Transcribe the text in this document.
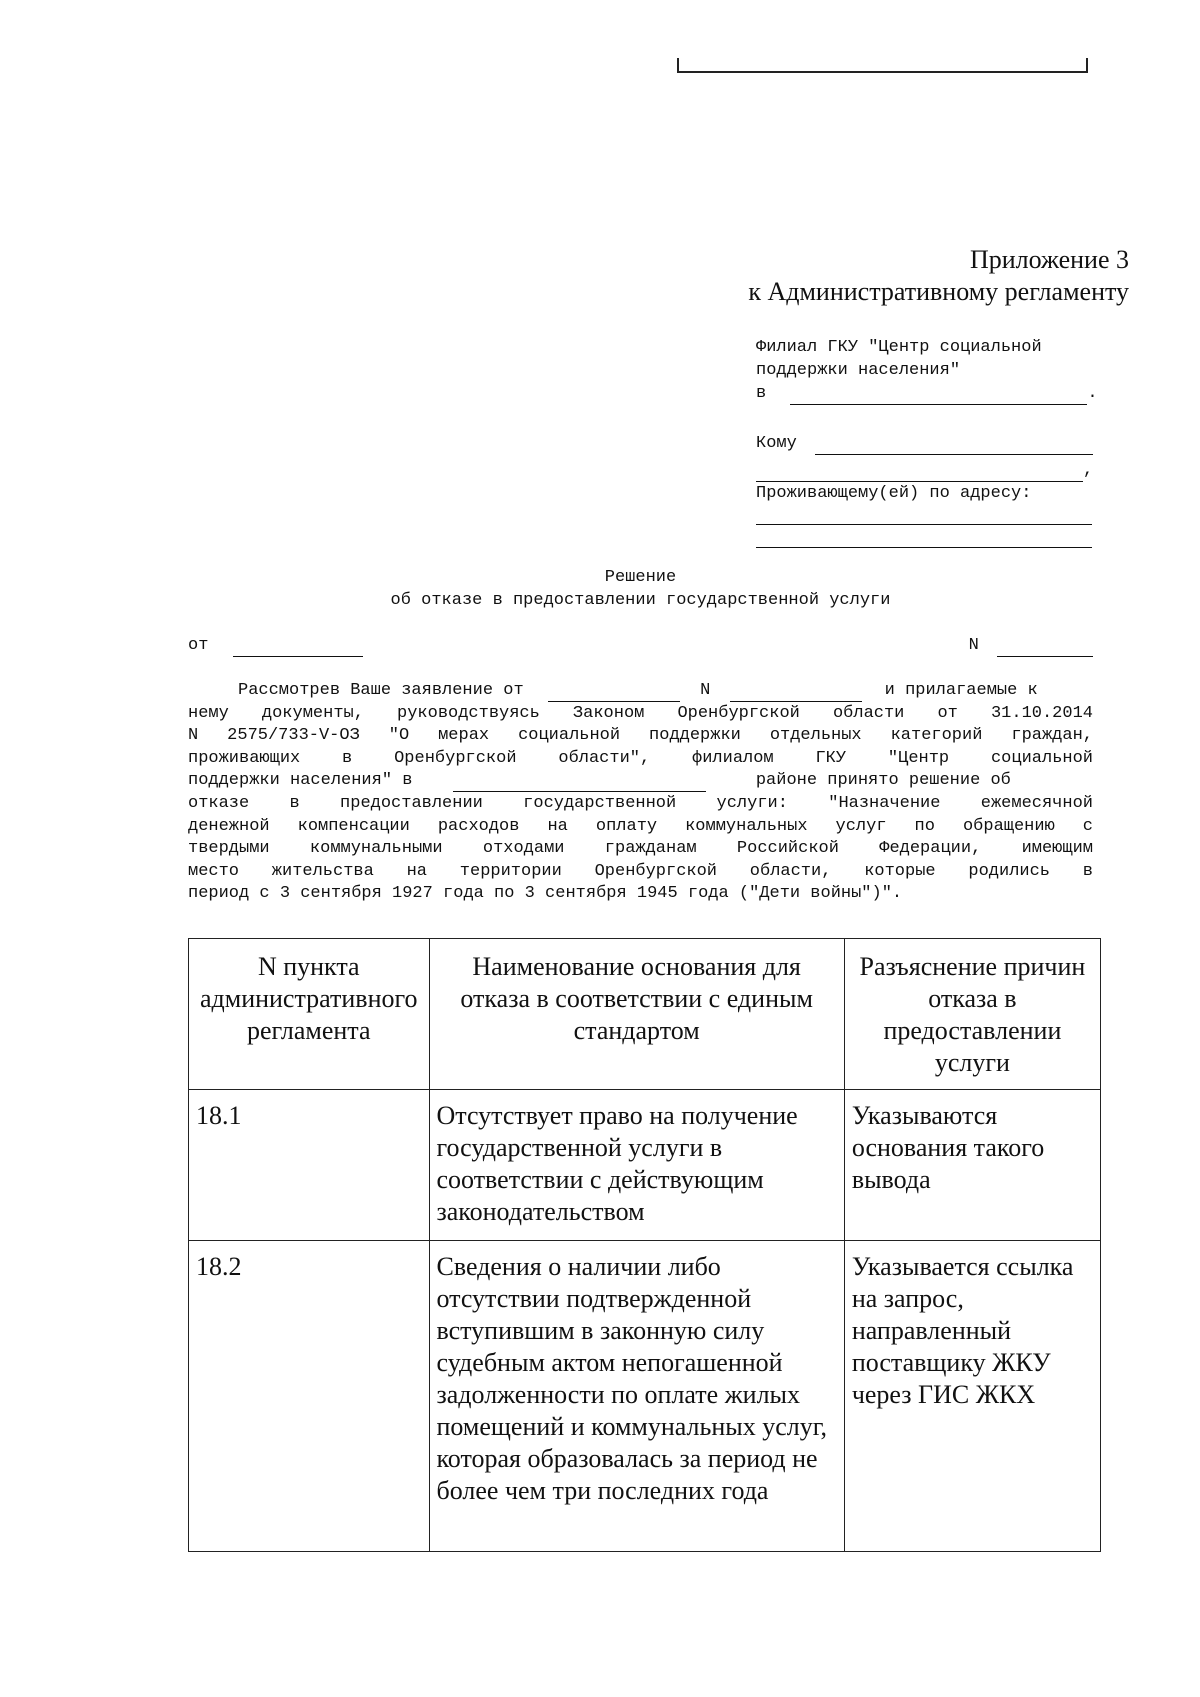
Приложение 3
к Административному регламенту
Филиал ГКУ "Центр социальной
поддержки населения"
в	.
Кому
,
Проживающему(ей) по адресу:
Решение
об отказе в предоставлении государственной услуги
от	N
Рассмотрев Ваше заявление от	N	и прилагаемые к
нему документы, руководствуясь Законом Оренбургской области от 31.10.2014
N 2575/733-V-ОЗ "О мерах социальной поддержки отдельных категорий граждан,
проживающих в Оренбургской области", филиалом ГКУ "Центр социальной
поддержки населения" в	районе принято решение об
отказе в предоставлении государственной услуги: "Назначение ежемесячной
денежной компенсации расходов на оплату коммунальных услуг по обращению с
твердыми коммунальными отходами гражданам Российской Федерации, имеющим
место жительства на территории Оренбургской области, которые родились в
период с 3 сентября 1927 года по 3 сентября 1945 года ("Дети войны")".
N пункта административного регламента	Наименование основания для отказа в соответствии с единым стандартом	Разъяснение причин отказа в предоставлении услуги
18.1	Отсутствует право на получение государственной услуги в соответствии с действующим законодательством	Указываются основания такого вывода
18.2	Сведения о наличии либо отсутствии подтвержденной вступившим в законную силу судебным актом непогашенной задолженности по оплате жилых помещений и коммунальных услуг, которая образовалась за период не более чем три последних года	Указывается ссылка на запрос, направленный поставщику ЖКУ через ГИС ЖКХ
